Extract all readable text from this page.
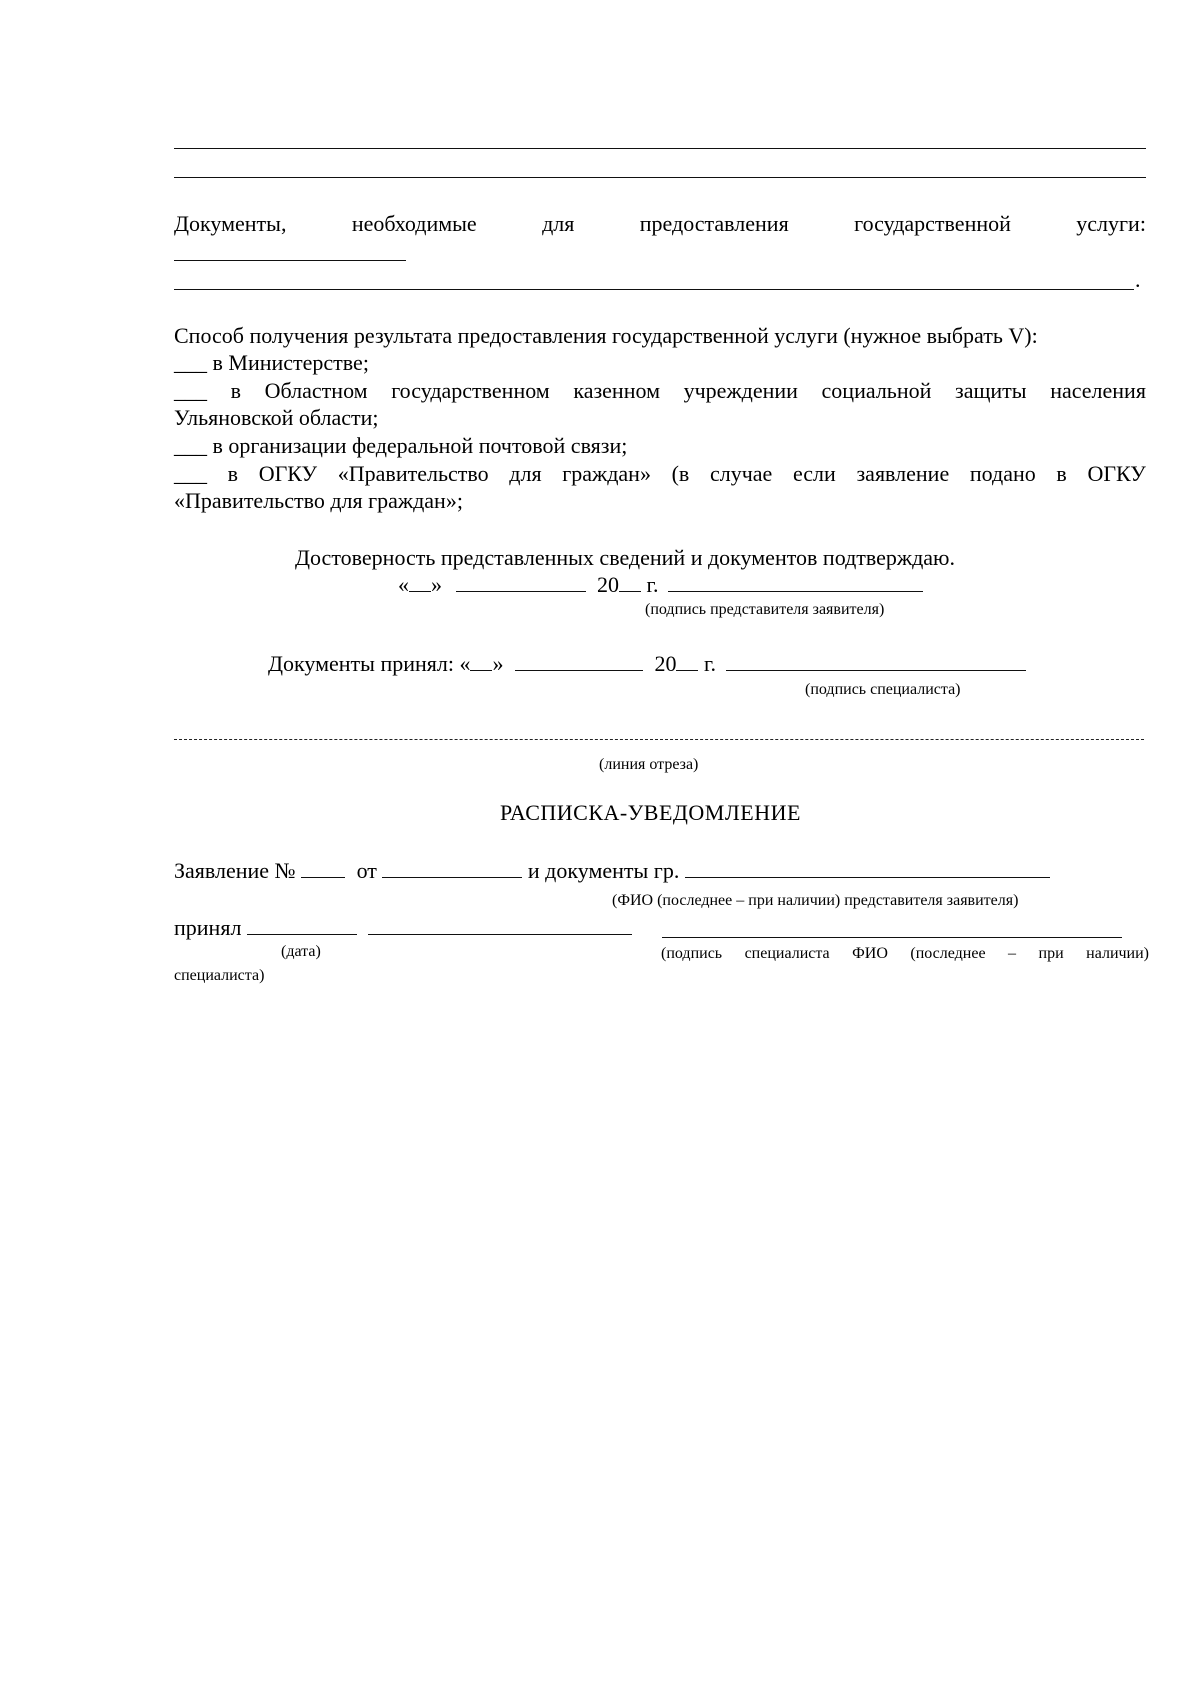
Документы,	необходимые	для	предоставления	государственной	услуги:
.
Способ получения результата предоставления государственной услуги (нужное выбрать V):
___ в Министерстве;
___ в Областном государственном казенном учреждении социальной защиты населения
Ульяновской области;
___ в организации федеральной почтовой связи;
___ в ОГКУ «Правительство для граждан» (в случае если заявление подано в ОГКУ
«Правительство для граждан»;
Достоверность представленных сведений и документов подтверждаю.
« »	20 г.
(подпись представителя заявителя)
Документы принял: « »	20 г.
(подпись специалиста)
(линия отреза)
РАСПИСКА-УВЕДОМЛЕНИЕ
Заявление №	от	и документы гр.
(ФИО (последнее – при наличии) представителя заявителя)
принял
(дата)	(подпись специалиста ФИО (последнее – при наличии)
специалиста)
